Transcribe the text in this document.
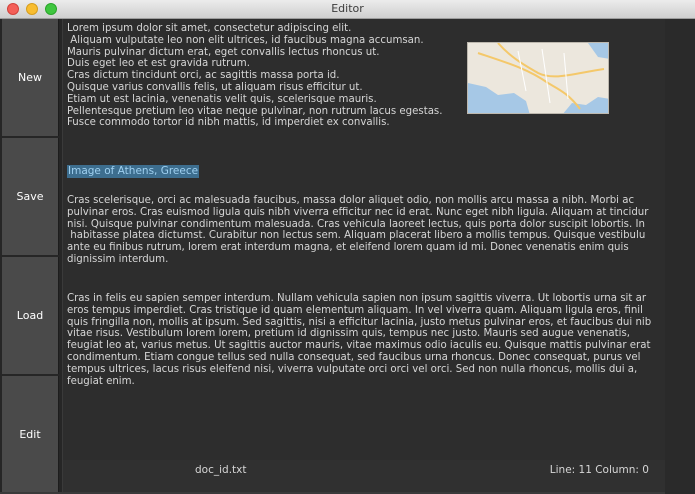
Editor
New
Save
Load
Edit

Lorem ipsum dolor sit amet, consectetur adipiscing elit.
Aliquam vulputate leo non elit ultrices, id faucibus magna accumsan.
Mauris pulvinar dictum erat, eget convallis lectus rhoncus ut.
Duis eget leo et est gravida rutrum.
Cras dictum tincidunt orci, ac sagittis massa porta id.
Quisque varius convallis felis, ut aliquam risus efficitur ut.
Etiam ut est lacinia, venenatis velit quis, scelerisque mauris.
Pellentesque pretium leo vitae neque pulvinar, non rutrum lacus egestas.
Fusce commodo tortor id nibh mattis, id imperdiet ex convallis.

Image of Athens, Greece

Cras scelerisque, orci ac malesuada faucibus, massa dolor aliquet odio, non mollis arcu massa a nibh. Morbi ac
pulvinar eros. Cras euismod ligula quis nibh viverra efficitur nec id erat. Nunc eget nibh ligula. Aliquam at tincidur
nisi. Quisque pulvinar condimentum malesuada. Cras vehicula laoreet lectus, quis porta dolor suscipit lobortis. In
habitasse platea dictumst. Curabitur non lectus sem. Aliquam placerat libero a mollis tempus. Quisque vestibulu
ante eu finibus rutrum, lorem erat interdum magna, et eleifend lorem quam id mi. Donec venenatis enim quis
dignissim interdum.

Cras in felis eu sapien semper interdum. Nullam vehicula sapien non ipsum sagittis viverra. Ut lobortis urna sit ar
eros tempus imperdiet. Cras tristique id quam elementum aliquam. In vel viverra quam. Aliquam ligula eros, finil
quis fringilla non, mollis at ipsum. Sed sagittis, nisi a efficitur lacinia, justo metus pulvinar eros, et faucibus dui nib
vitae risus. Vestibulum lorem lorem, pretium id dignissim quis, tempus nec justo. Mauris sed augue venenatis,
feugiat leo at, varius metus. Ut sagittis auctor mauris, vitae maximus odio iaculis eu. Quisque mattis pulvinar erat
condimentum. Etiam congue tellus sed nulla consequat, sed faucibus urna rhoncus. Donec consequat, purus vel
tempus ultrices, lacus risus eleifend nisi, viverra vulputate orci orci vel orci. Sed non nulla rhoncus, mollis dui a,
feugiat enim.

doc_id.txt	Line: 11 Column: 0
